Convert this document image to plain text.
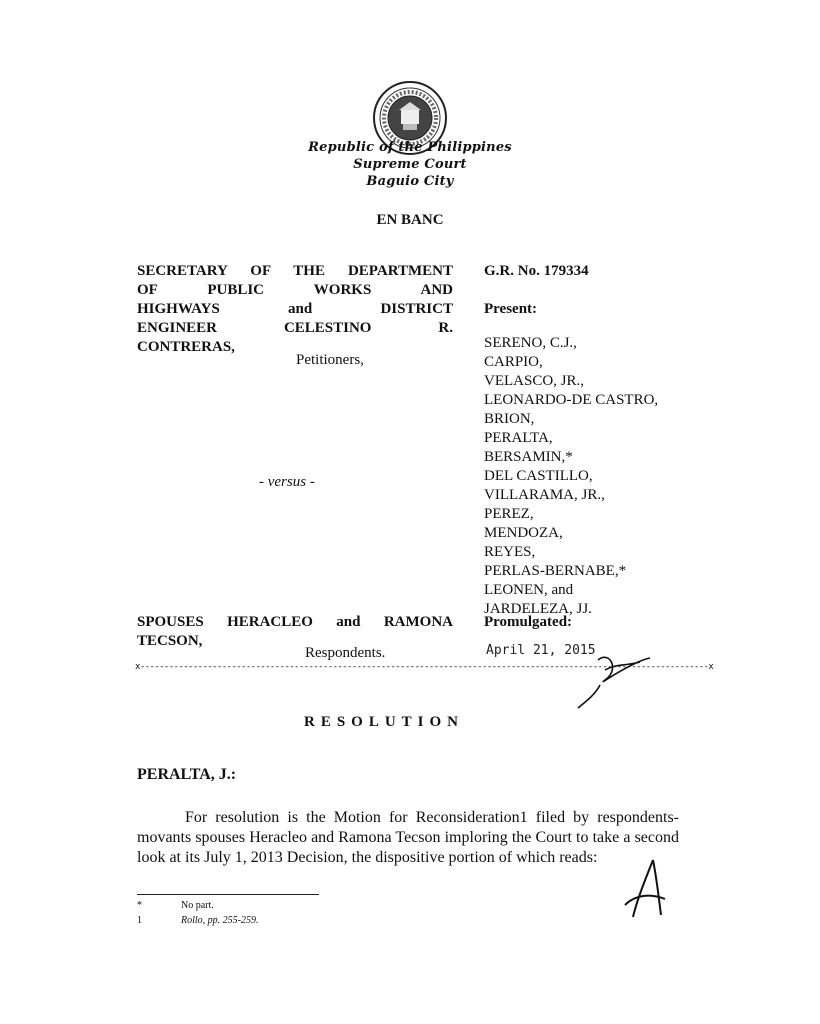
Republic of the Philippines
Supreme Court
Baguio City
EN BANC
SECRETARY OF THE DEPARTMENT
OF PUBLIC WORKS AND
HIGHWAYS and DISTRICT
ENGINEER CELESTINO R.
CONTRERAS,
Petitioners,
- versus -
SPOUSES HERACLEO and RAMONA
TECSON,
Respondents.
G.R. No. 179334
Present:
SERENO, C.J.,
CARPIO,
VELASCO, JR.,
LEONARDO-DE CASTRO,
BRION,
PERALTA,
BERSAMIN,*
DEL CASTILLO,
VILLARAMA, JR.,
PEREZ,
MENDOZA,
REYES,
PERLAS-BERNABE,*
LEONEN, and
JARDELEZA, JJ.
Promulgated:
April 21, 2015
x----------------------------------------------------------------------------------------------------------------------x
RESOLUTION
PERALTA, J.:
For resolution is the Motion for Reconsideration1 filed by respondents-movants spouses Heracleo and Ramona Tecson imploring the Court to take a second look at its July 1, 2013 Decision, the dispositive portion of which reads:
*	No part.
1	Rollo, pp. 255-259.
